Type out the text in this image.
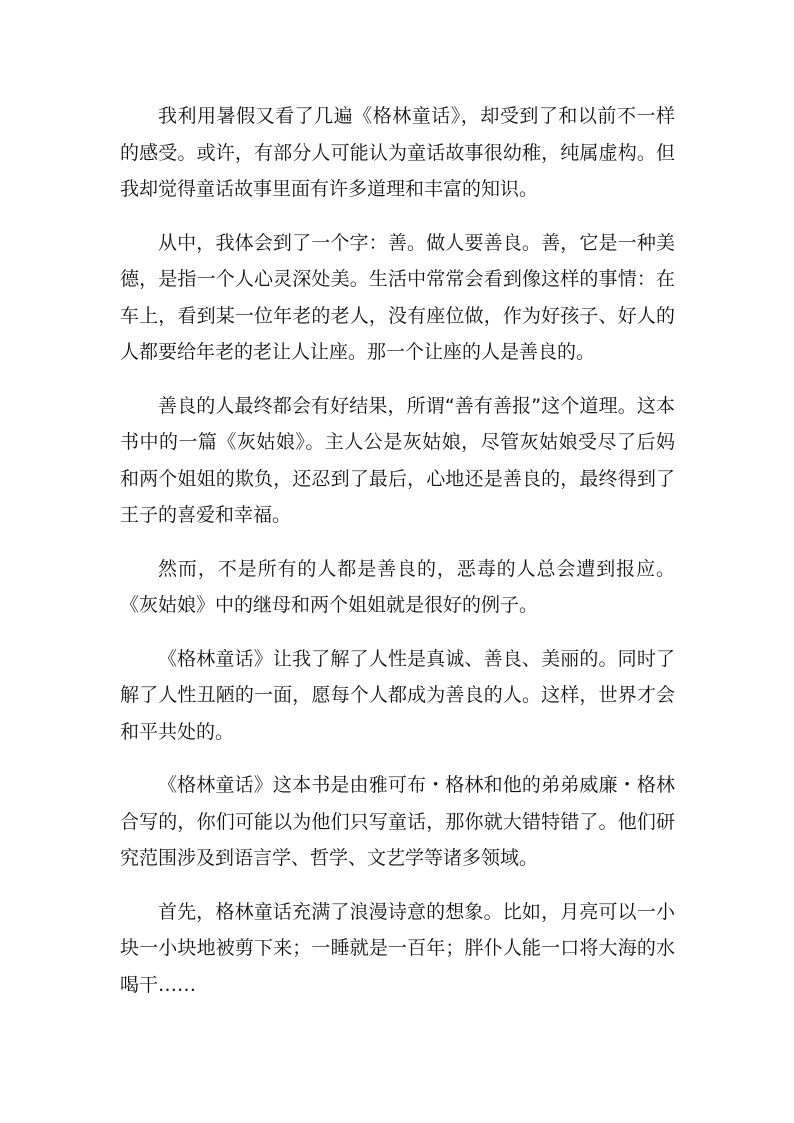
我利用暑假又看了几遍《格林童话》，却受到了和以前不一样的感受。或许，有部分人可能认为童话故事很幼稚，纯属虚构。但我却觉得童话故事里面有许多道理和丰富的知识。

从中，我体会到了一个字：善。做人要善良。善，它是一种美德，是指一个人心灵深处美。生活中常常会看到像这样的事情：在车上，看到某一位年老的老人，没有座位做，作为好孩子、好人的人都要给年老的老让人让座。那一个让座的人是善良的。

善良的人最终都会有好结果，所谓“善有善报”这个道理。这本书中的一篇《灰姑娘》。主人公是灰姑娘，尽管灰姑娘受尽了后妈和两个姐姐的欺负，还忍到了最后，心地还是善良的，最终得到了王子的喜爱和幸福。

然而，不是所有的人都是善良的，恶毒的人总会遭到报应。《灰姑娘》中的继母和两个姐姐就是很好的例子。

《格林童话》让我了解了人性是真诚、善良、美丽的。同时了解了人性丑陋的一面，愿每个人都成为善良的人。这样，世界才会和平共处的。

《格林童话》这本书是由雅可布・格林和他的弟弟威廉・格林合写的，你们可能以为他们只写童话，那你就大错特错了。他们研究范围涉及到语言学、哲学、文艺学等诸多领域。

首先，格林童话充满了浪漫诗意的想象。比如，月亮可以一小块一小块地被剪下来；一睡就是一百年；胖仆人能一口将大海的水喝干……
